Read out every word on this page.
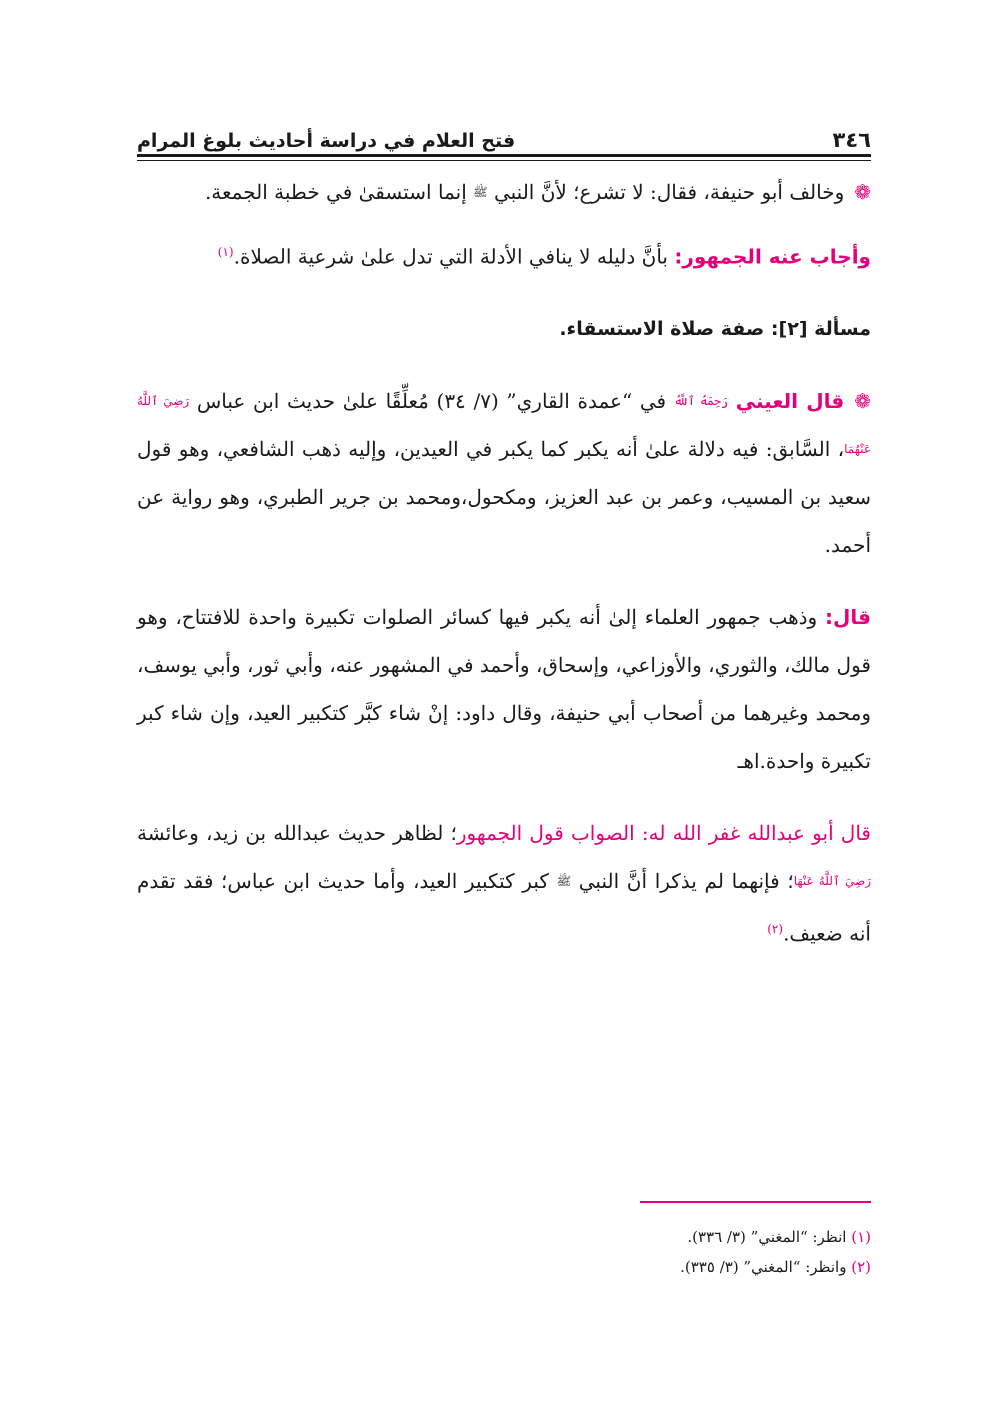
٣٤٦
فتح العلام في دراسة أحاديث بلوغ المرام

❁وخالف أبو حنيفة، فقال: لا تشرع؛ لأنَّ النبي $^ﷺ$ إنما استسقىٰ في خطبة الجمعة.

وأجاب عنه الجمهور: بأنَّ دليله لا ينافي الأدلة التي تدل علىٰ شرعية الصلاة.$^{(١)}$

مسألة [٢]: صفة صلاة الاستسقاء.

❁قال العيني $^{رَحِمَهُ ٱللَّهُ}$ في “عمدة القاري” (٧/ ٣٤) مُعلِّقًا علىٰ حديث ابن عباس $^{رَضِيَ ٱللَّهُ عَنْهُمَا}$، السَّابق: فيه دلالة علىٰ أنه يكبر كما يكبر في العيدين، وإليه ذهب الشافعي، وهو قول سعيد بن المسيب، وعمر بن عبد العزيز، ومكحول،ومحمد بن جرير الطبري، وهو رواية عن أحمد.

قال: وذهب جمهور العلماء إلىٰ أنه يكبر فيها كسائر الصلوات تكبيرة واحدة للافتتاح، وهو قول مالك، والثوري، والأوزاعي، وإسحاق، وأحمد في المشهور عنه، وأبي ثور، وأبي يوسف، ومحمد وغيرهما من أصحاب أبي حنيفة، وقال داود: إنْ شاء كبَّر كتكبير العيد، وإن شاء كبر تكبيرة واحدة.اهـ

قال أبو عبدالله غفر الله له: الصواب قول الجمهور؛ لظاهر حديث عبدالله بن زيد، وعائشة $^{رَضِيَ ٱللَّهُ عَنْهَا}$؛ فإنهما لم يذكرا أنَّ النبي $^ﷺ$ كبر كتكبير العيد، وأما حديث ابن عباس؛ فقد تقدم أنه ضعيف.$^{(٢)}$

(١) انظر: “المغني” (٣/ ٣٣٦).
(٢) وانظر: “المغني” (٣/ ٣٣٥).
